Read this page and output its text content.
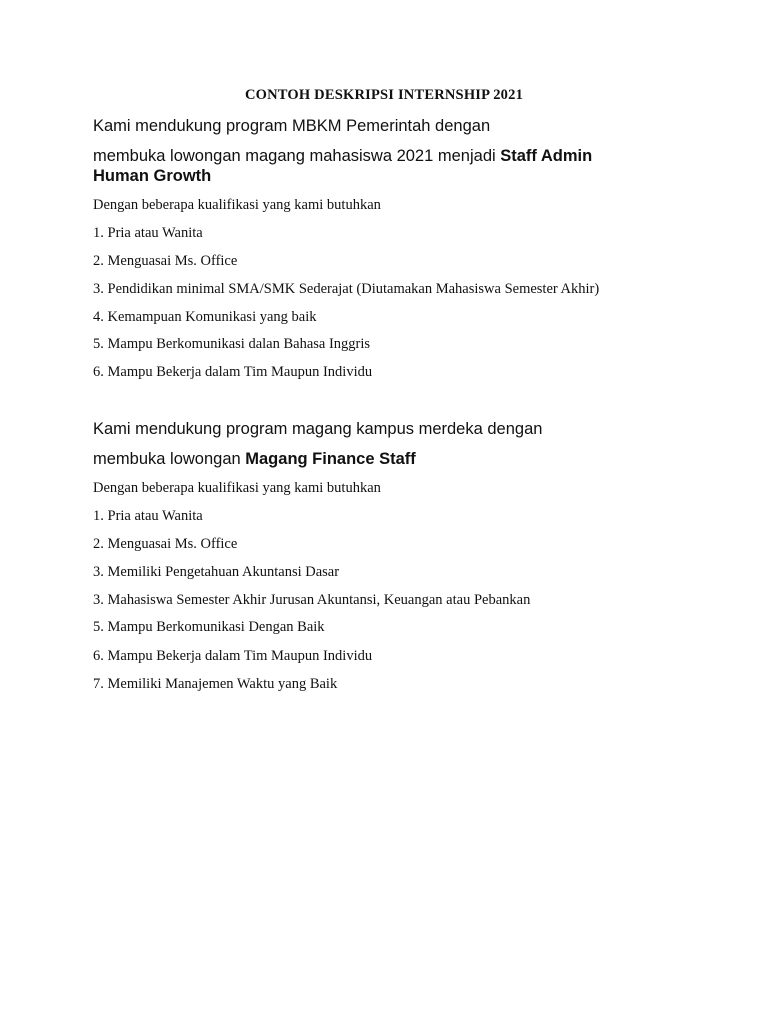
CONTOH DESKRIPSI INTERNSHIP 2021
Kami mendukung program MBKM Pemerintah dengan
membuka lowongan magang mahasiswa 2021 menjadi Staff Admin
Human Growth
Dengan beberapa kualifikasi yang kami butuhkan
1. Pria atau Wanita
2. Menguasai Ms. Office
3. Pendidikan minimal SMA/SMK Sederajat (Diutamakan Mahasiswa Semester Akhir)
4. Kemampuan Komunikasi yang baik
5. Mampu Berkomunikasi dalan Bahasa Inggris
6. Mampu Bekerja dalam Tim Maupun Individu
Kami mendukung program magang kampus merdeka dengan
membuka lowongan Magang Finance Staff
Dengan beberapa kualifikasi yang kami butuhkan
1. Pria atau Wanita
2. Menguasai Ms. Office
3. Memiliki Pengetahuan Akuntansi Dasar
3. Mahasiswa Semester Akhir Jurusan Akuntansi, Keuangan atau Pebankan
5. Mampu Berkomunikasi Dengan Baik
6. Mampu Bekerja dalam Tim Maupun Individu
7. Memiliki Manajemen Waktu yang Baik
